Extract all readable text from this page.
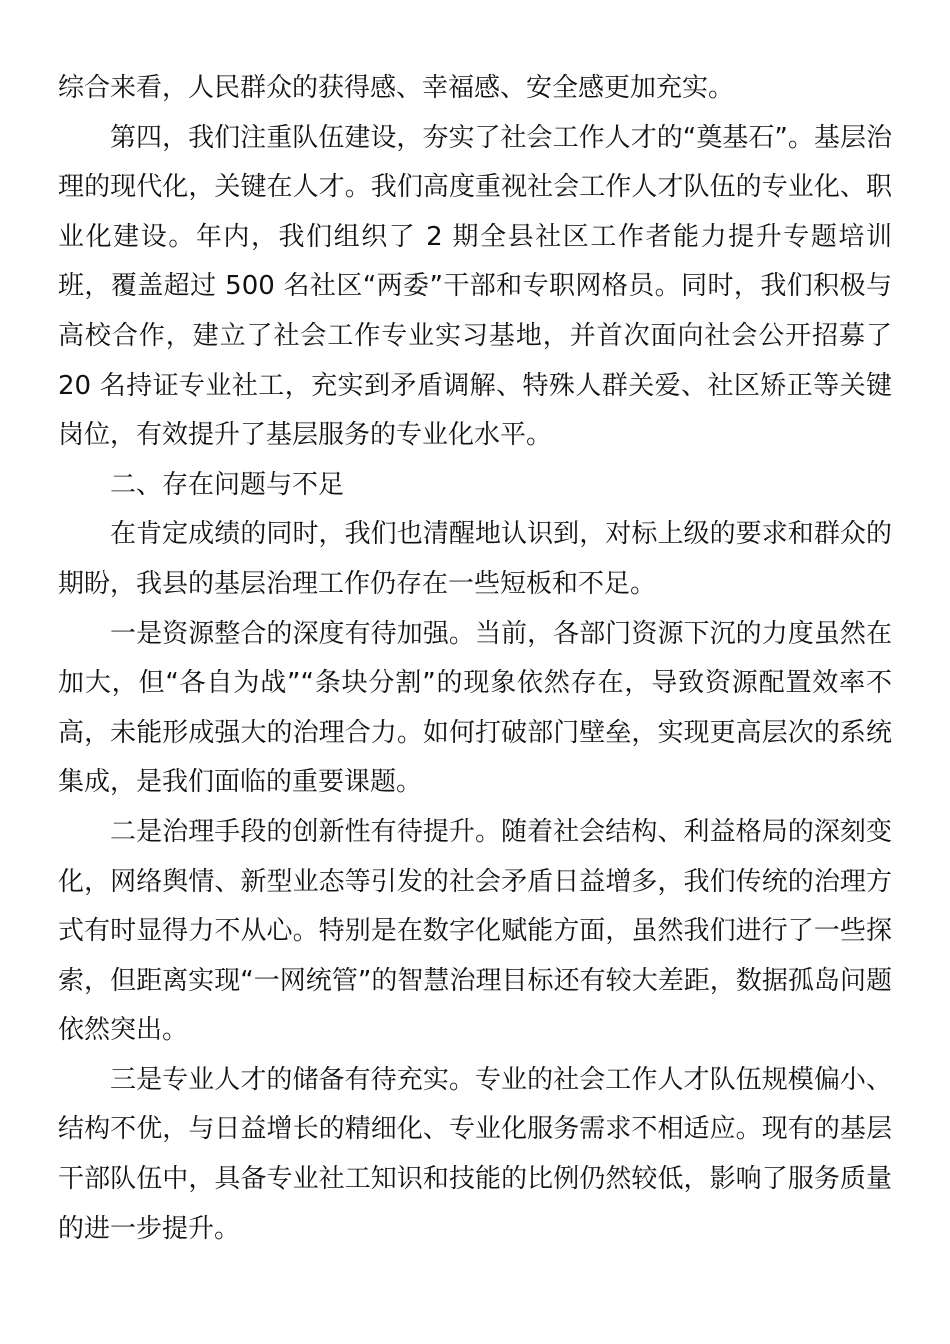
综合来看，人民群众的获得感、幸福感、安全感更加充实。

第四，我们注重队伍建设，夯实了社会工作人才的“奠基石”。基层治理的现代化，关键在人才。我们高度重视社会工作人才队伍的专业化、职业化建设。年内，我们组织了 2 期全县社区工作者能力提升专题培训班，覆盖超过 500 名社区“两委”干部和专职网格员。同时，我们积极与高校合作，建立了社会工作专业实习基地，并首次面向社会公开招募了 20 名持证专业社工，充实到矛盾调解、特殊人群关爱、社区矫正等关键岗位，有效提升了基层服务的专业化水平。

二、存在问题与不足

在肯定成绩的同时，我们也清醒地认识到，对标上级的要求和群众的期盼，我县的基层治理工作仍存在一些短板和不足。

一是资源整合的深度有待加强。当前，各部门资源下沉的力度虽然在加大，但“各自为战”“条块分割”的现象依然存在，导致资源配置效率不高，未能形成强大的治理合力。如何打破部门壁垒，实现更高层次的系统集成，是我们面临的重要课题。

二是治理手段的创新性有待提升。随着社会结构、利益格局的深刻变化，网络舆情、新型业态等引发的社会矛盾日益增多，我们传统的治理方式有时显得力不从心。特别是在数字化赋能方面，虽然我们进行了一些探索，但距离实现“一网统管”的智慧治理目标还有较大差距，数据孤岛问题依然突出。

三是专业人才的储备有待充实。专业的社会工作人才队伍规模偏小、结构不优，与日益增长的精细化、专业化服务需求不相适应。现有的基层干部队伍中，具备专业社工知识和技能的比例仍然较低，影响了服务质量的进一步提升。
